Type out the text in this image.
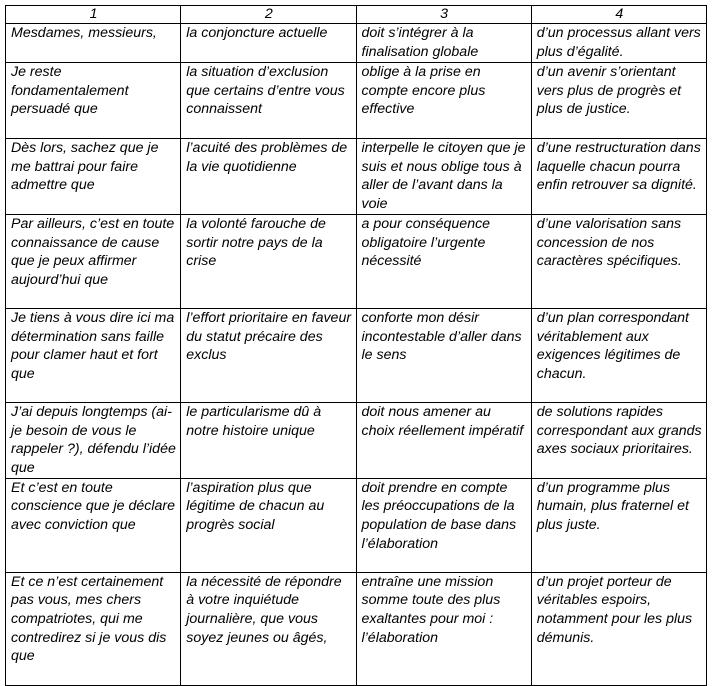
1	2	3	4
Mesdames, messieurs,	la conjoncture actuelle	doit s’intégrer à la finalisation globale	d’un processus allant vers plus d’égalité.
Je reste fondamentalement persuadé que	la situation d’exclusion que certains d’entre vous connaissent	oblige à la prise en compte encore plus effective	d’un avenir s’orientant vers plus de progrès et plus de justice.
Dès lors, sachez que je me battrai pour faire admettre que	l’acuité des problèmes de la vie quotidienne	interpelle le citoyen que je suis et nous oblige tous à aller de l’avant dans la voie	d’une restructuration dans laquelle chacun pourra enfin retrouver sa dignité.
Par ailleurs, c’est en toute connaissance de cause que je peux affirmer aujourd’hui que	la volonté farouche de sortir notre pays de la crise	a pour conséquence obligatoire l’urgente nécessité	d’une valorisation sans concession de nos caractères spécifiques.
Je tiens à vous dire ici ma détermination sans faille pour clamer haut et fort que	l’effort prioritaire en faveur du statut précaire des exclus	conforte mon désir incontestable d’aller dans le sens	d’un plan correspondant véritablement aux exigences légitimes de chacun.
J’ai depuis longtemps (ai-je besoin de vous le rappeler ?), défendu l’idée que	le particularisme dû à notre histoire unique	doit nous amener au choix réellement impératif	de solutions rapides correspondant aux grands axes sociaux prioritaires.
Et c’est en toute conscience que je déclare avec conviction que	l’aspiration plus que légitime de chacun au progrès social	doit prendre en compte les préoccupations de la population de base dans l’élaboration	d’un programme plus humain, plus fraternel et plus juste.
Et ce n’est certainement pas vous, mes chers compatriotes, qui me contredirez si je vous dis que	la nécessité de répondre à votre inquiétude journalière, que vous soyez jeunes ou âgés,	entraîne une mission somme toute des plus exaltantes pour moi : l’élaboration	d’un projet porteur de véritables espoirs, notamment pour les plus démunis.
